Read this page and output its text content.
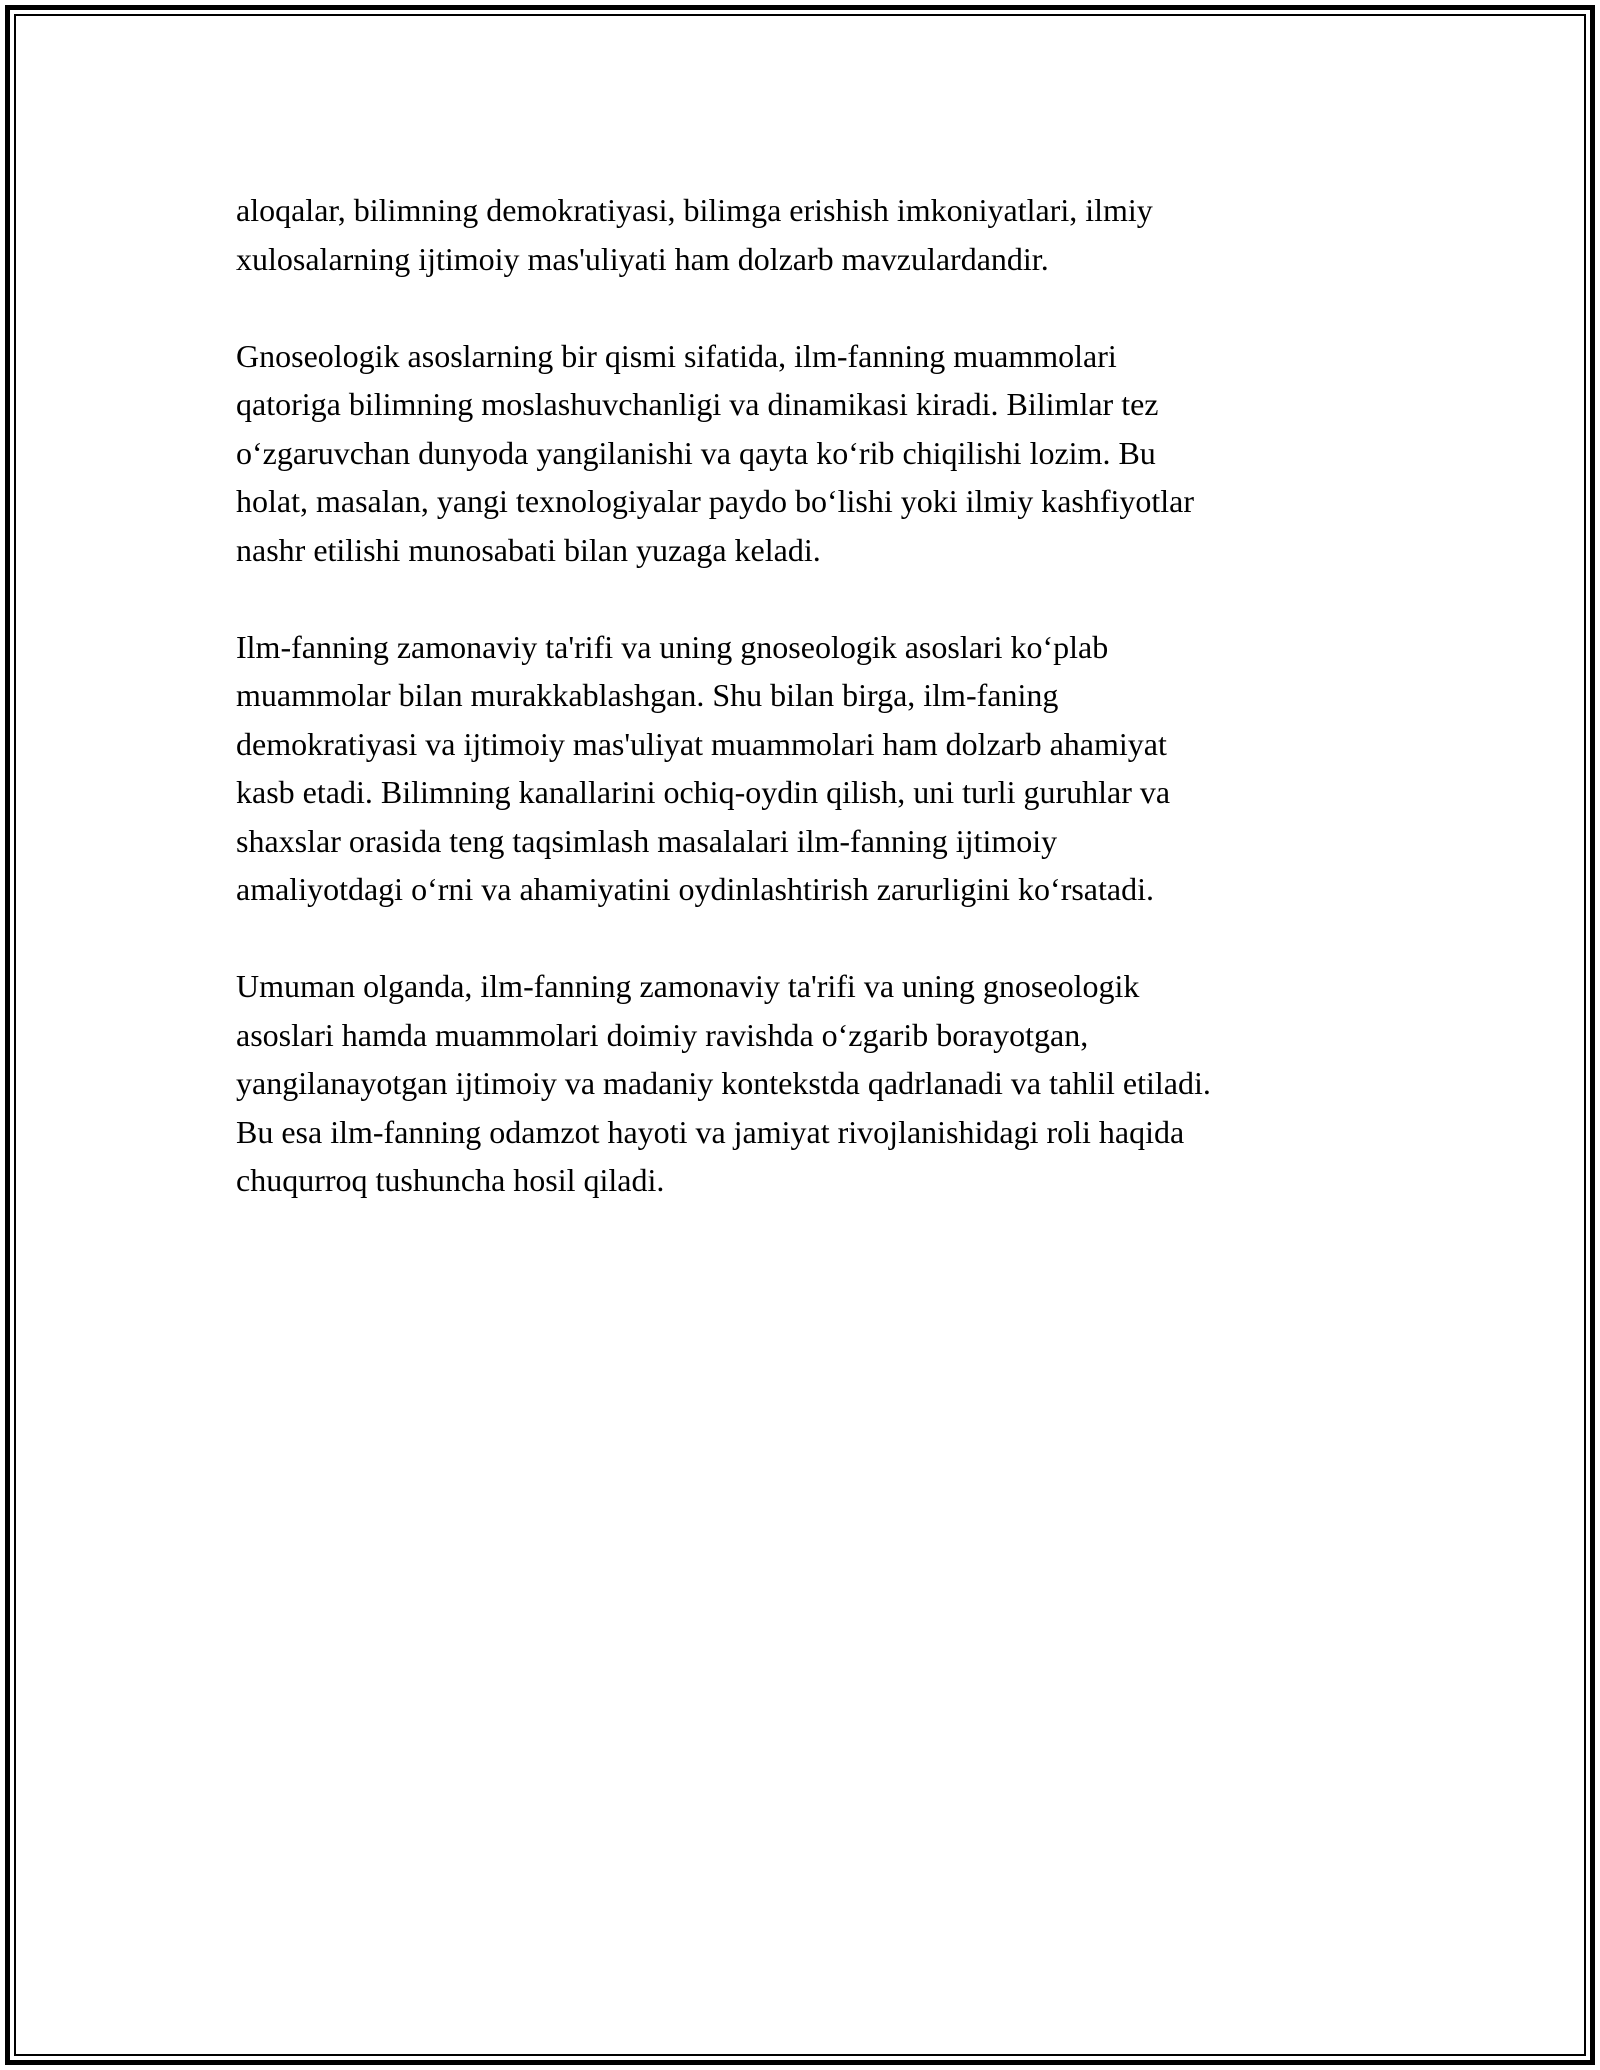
aloqalar, bilimning demokratiyasi, bilimga erishish imkoniyatlari, ilmiy
xulosalarning ijtimoiy mas'uliyati ham dolzarb mavzulardandir.

Gnoseologik asoslarning bir qismi sifatida, ilm-fanning muammolari
qatoriga bilimning moslashuvchanligi va dinamikasi kiradi. Bilimlar tez
o‘zgaruvchan dunyoda yangilanishi va qayta ko‘rib chiqilishi lozim. Bu
holat, masalan, yangi texnologiyalar paydo bo‘lishi yoki ilmiy kashfiyotlar
nashr etilishi munosabati bilan yuzaga keladi.

Ilm-fanning zamonaviy ta'rifi va uning gnoseologik asoslari ko‘plab
muammolar bilan murakkablashgan. Shu bilan birga, ilm-faning
demokratiyasi va ijtimoiy mas'uliyat muammolari ham dolzarb ahamiyat
kasb etadi. Bilimning kanallarini ochiq-oydin qilish, uni turli guruhlar va
shaxslar orasida teng taqsimlash masalalari ilm-fanning ijtimoiy
amaliyotdagi o‘rni va ahamiyatini oydinlashtirish zarurligini ko‘rsatadi.

Umuman olganda, ilm-fanning zamonaviy ta'rifi va uning gnoseologik
asoslari hamda muammolari doimiy ravishda o‘zgarib borayotgan,
yangilanayotgan ijtimoiy va madaniy kontekstda qadrlanadi va tahlil etiladi.
Bu esa ilm-fanning odamzot hayoti va jamiyat rivojlanishidagi roli haqida
chuqurroq tushuncha hosil qiladi.
